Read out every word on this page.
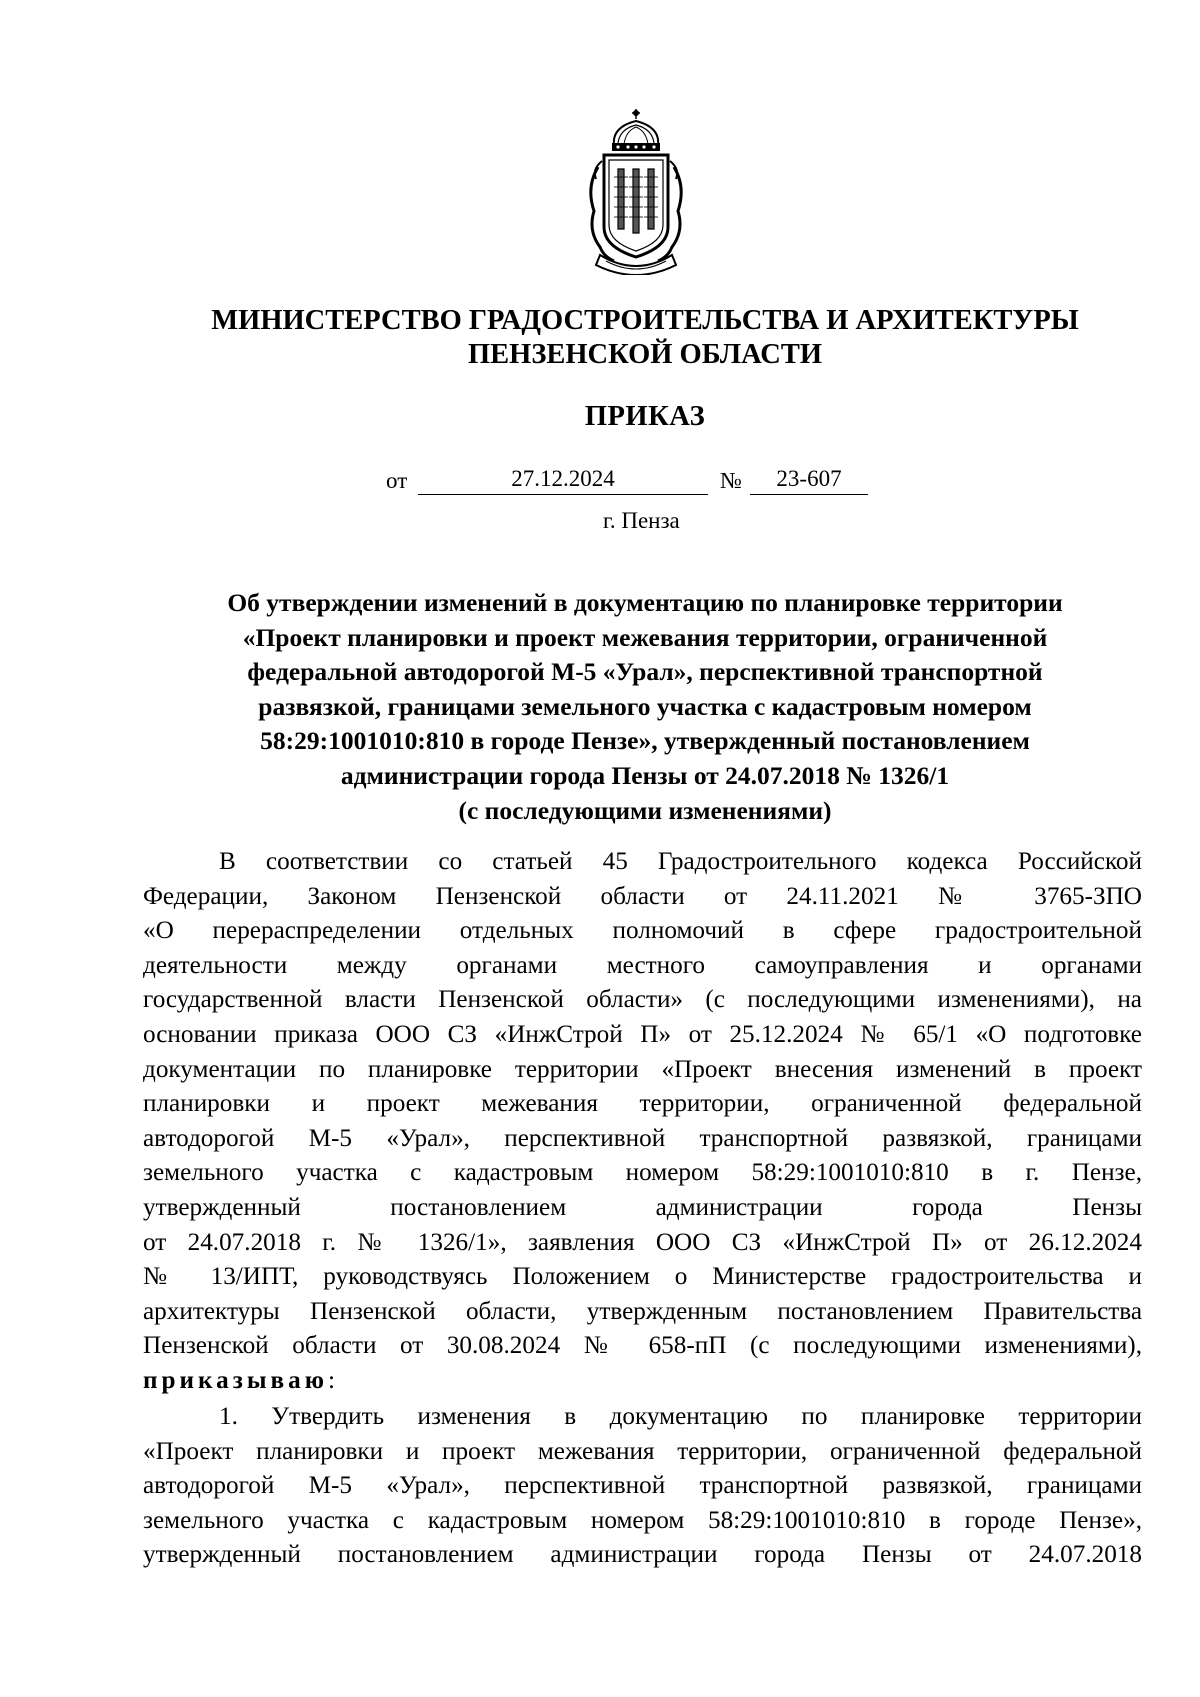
МИНИСТЕРСТВО ГРАДОСТРОИТЕЛЬСТВА И АРХИТЕКТУРЫ
ПЕНЗЕНСКОЙ ОБЛАСТИ
ПРИКАЗ
от	27.12.2024	№	23-607
г. Пенза
Об утверждении изменений в документацию по планировке территории
«Проект планировки и проект межевания территории, ограниченной
федеральной автодорогой М-5 «Урал», перспективной транспортной
развязкой, границами земельного участка с кадастровым номером
58:29:1001010:810 в городе Пензе», утвержденный постановлением
администрации города Пензы от 24.07.2018 № 1326/1
(с последующими изменениями)
В соответствии со статьей 45 Градостроительного кодекса Российской
Федерации, Законом Пензенской области от 24.11.2021 № 3765-ЗПО
«О перераспределении отдельных полномочий в сфере градостроительной
деятельности между органами местного самоуправления и органами
государственной власти Пензенской области» (с последующими изменениями), на
основании приказа ООО СЗ «ИнжСтрой П» от 25.12.2024 № 65/1 «О подготовке
документации по планировке территории «Проект внесения изменений в проект
планировки и проект межевания территории, ограниченной федеральной
автодорогой М-5 «Урал», перспективной транспортной развязкой, границами
земельного участка с кадастровым номером 58:29:1001010:810 в г. Пензе,
утвержденный постановлением администрации города Пензы
от 24.07.2018 г. № 1326/1», заявления ООО СЗ «ИнжСтрой П» от 26.12.2024
№ 13/ИПТ, руководствуясь Положением о Министерстве градостроительства и
архитектуры Пензенской области, утвержденным постановлением Правительства
Пензенской области от 30.08.2024 № 658-пП (с последующими изменениями),
приказываю:
1. Утвердить изменения в документацию по планировке территории
«Проект планировки и проект межевания территории, ограниченной федеральной
автодорогой М-5 «Урал», перспективной транспортной развязкой, границами
земельного участка с кадастровым номером 58:29:1001010:810 в городе Пензе»,
утвержденный постановлением администрации города Пензы от 24.07.2018
